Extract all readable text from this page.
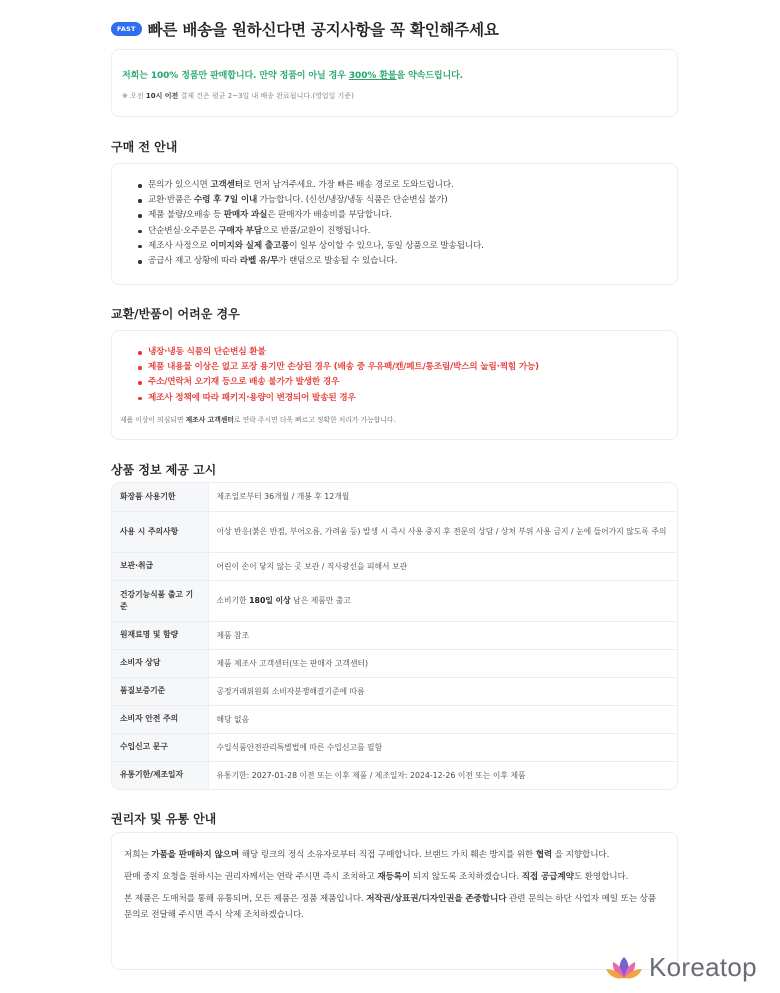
FAST 빠른 배송을 원하신다면 공지사항을 꼭 확인해주세요
저희는 100% 정품만 판매합니다. 만약 정품이 아닐 경우 300% 환불을 약속드립니다.
※ 오전 10시 이전 결제 건은 평균 2~3일 내 배송 완료됩니다.(영업일 기준)
구매 전 안내
문의가 있으시면 고객센터로 먼저 남겨주세요. 가장 빠른 배송 경로로 도와드립니다.
교환·반품은 수령 후 7일 이내 가능합니다. (신선/냉장/냉동 식품은 단순변심 불가)
제품 불량/오배송 등 판매자 과실은 판매자가 배송비를 부담합니다.
단순변심·오주문은 구매자 부담으로 반품/교환이 진행됩니다.
제조사 사정으로 이미지와 실제 출고품이 일부 상이할 수 있으나, 동일 상품으로 발송됩니다.
공급사 재고 상황에 따라 라벨 유/무가 랜덤으로 발송될 수 있습니다.
교환/반품이 어려운 경우
냉장·냉동 식품의 단순변심 환불
제품 내용물 이상은 없고 포장 용기만 손상된 경우 (배송 중 우유팩/캔/페트/통조림/박스의 눌림·찍힘 가능)
주소/연락처 오기재 등으로 배송 불가가 발생한 경우
제조사 정책에 따라 패키지·용량이 변경되어 발송된 경우
제품 이상이 의심되면 제조사 고객센터로 연락 주시면 더욱 빠르고 정확한 처리가 가능합니다.
상품 정보 제공 고시
화장품 사용기한	제조일로부터 36개월 / 개봉 후 12개월
사용 시 주의사항	이상 반응(붉은 반점, 부어오름, 가려움 등) 발생 시 즉시 사용 중지 후 전문의 상담 / 상처 부위 사용 금지 / 눈에 들어가지 않도록 주의
보관·취급	어린이 손이 닿지 않는 곳 보관 / 직사광선을 피해서 보관
건강기능식품 출고 기준	소비기한 180일 이상 남은 제품만 출고
원재료명 및 함량	제품 참조
소비자 상담	제품 제조사 고객센터(또는 판매자 고객센터)
품질보증기준	공정거래위원회 소비자분쟁해결기준에 따름
소비자 안전 주의	해당 없음
수입신고 문구	수입식품안전관리특별법에 따른 수입신고를 필함
유통기한/제조일자	유통기한: 2027-01-28 이전 또는 이후 제품 / 제조일자: 2024-12-26 이전 또는 이후 제품
권리자 및 유통 안내

저희는 가품을 판매하지 않으며 해당 링크의 정식 소유자로부터 직접 구매합니다. 브랜드 가치 훼손 방지를 위한 협력 을 지향합니다.

판매 중지 요청을 원하시는 권리자께서는 연락 주시면 즉시 조치하고 재등록이 되지 않도록 조치하겠습니다. 직접 공급계약도 환영합니다.

본 제품은 도매처를 통해 유통되며, 모든 제품은 정품 제품입니다. 저작권/상표권/디자인권을 존중합니다 관련 문의는 하단 사업자 메일 또는 상품문의로 전달해 주시면 즉시 삭제 조치하겠습니다.

Koreatop
